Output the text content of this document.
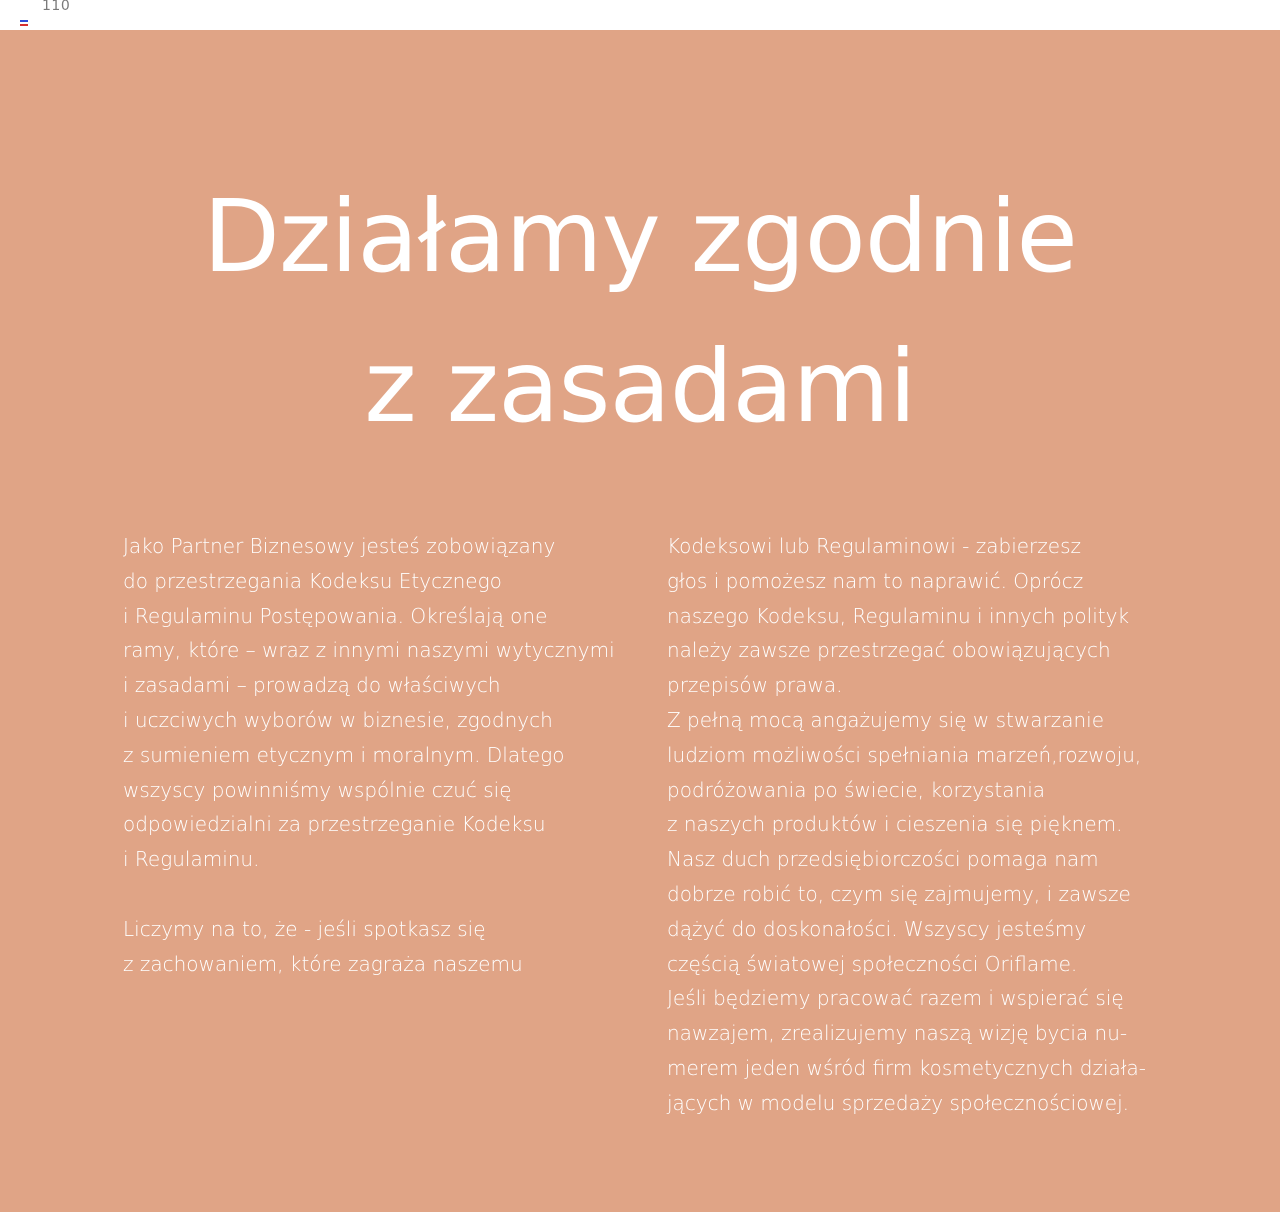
110
Działamy zgodnie
z zasadami
Jako Partner Biznesowy jesteś zobowiązany
do przestrzegania Kodeksu Etycznego
i Regulaminu Postępowania. Określają one
ramy, które – wraz z innymi naszymi wytycznymi
i zasadami – prowadzą do właściwych
i uczciwych wyborów w biznesie, zgodnych
z sumieniem etycznym i moralnym. Dlatego
wszyscy powinniśmy wspólnie czuć się
odpowiedzialni za przestrzeganie Kodeksu
i Regulaminu.
Liczymy na to, że - jeśli spotkasz się
z zachowaniem, które zagraża naszemu
Kodeksowi lub Regulaminowi - zabierzesz
głos i pomożesz nam to naprawić. Oprócz
naszego Kodeksu, Regulaminu i innych polityk
należy zawsze przestrzegać obowiązujących
przepisów prawa.
Z pełną mocą angażujemy się w stwarzanie
ludziom możliwości spełniania marzeń,rozwoju,
podróżowania po świecie, korzystania
z naszych produktów i cieszenia się pięknem.
Nasz duch przedsiębiorczości pomaga nam
dobrze robić to, czym się zajmujemy, i zawsze
dążyć do doskonałości. Wszyscy jesteśmy
częścią światowej społeczności Oriflame.
Jeśli będziemy pracować razem i wspierać się
nawzajem, zrealizujemy naszą wizję bycia nu-
merem jeden wśród firm kosmetycznych działa-
jących w modelu sprzedaży społecznościowej.
